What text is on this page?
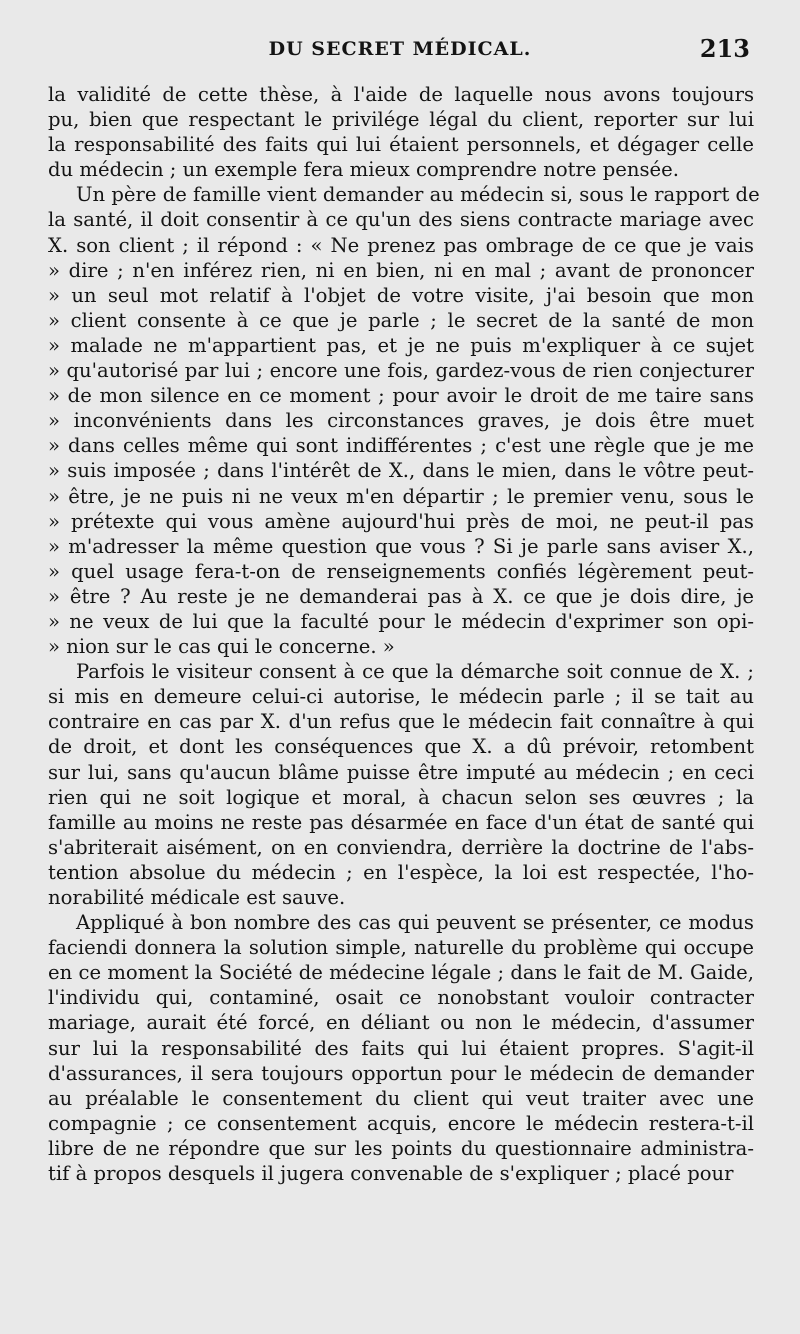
DU SECRET MÉDICAL.	213
la validité de cette thèse, à l'aide de laquelle nous avons toujours
pu, bien que respectant le privilége légal du client, reporter sur lui
la responsabilité des faits qui lui étaient personnels, et dégager celle
du médecin ; un exemple fera mieux comprendre notre pensée.
Un père de famille vient demander au médecin si, sous le rapport de
la santé, il doit consentir à ce qu'un des siens contracte mariage avec
X. son client ; il répond : « Ne prenez pas ombrage de ce que je vais
» dire ; n'en inférez rien, ni en bien, ni en mal ; avant de prononcer
» un seul mot relatif à l'objet de votre visite, j'ai besoin que mon
» client consente à ce que je parle ; le secret de la santé de mon
» malade ne m'appartient pas, et je ne puis m'expliquer à ce sujet
» qu'autorisé par lui ; encore une fois, gardez-vous de rien conjecturer
» de mon silence en ce moment ; pour avoir le droit de me taire sans
» inconvénients dans les circonstances graves, je dois être muet
» dans celles même qui sont indifférentes ; c'est une règle que je me
» suis imposée ; dans l'intérêt de X., dans le mien, dans le vôtre peut-
» être, je ne puis ni ne veux m'en départir ; le premier venu, sous le
» prétexte qui vous amène aujourd'hui près de moi, ne peut-il pas
» m'adresser la même question que vous ? Si je parle sans aviser X.,
» quel usage fera-t-on de renseignements confiés légèrement peut-
» être ? Au reste je ne demanderai pas à X. ce que je dois dire, je
» ne veux de lui que la faculté pour le médecin d'exprimer son opi-
» nion sur le cas qui le concerne. »
Parfois le visiteur consent à ce que la démarche soit connue de X. ;
si mis en demeure celui-ci autorise, le médecin parle ; il se tait au
contraire en cas par X. d'un refus que le médecin fait connaître à qui
de droit, et dont les conséquences que X. a dû prévoir, retombent
sur lui, sans qu'aucun blâme puisse être imputé au médecin ; en ceci
rien qui ne soit logique et moral, à chacun selon ses œuvres ; la
famille au moins ne reste pas désarmée en face d'un état de santé qui
s'abriterait aisément, on en conviendra, derrière la doctrine de l'abs-
tention absolue du médecin ; en l'espèce, la loi est respectée, l'ho-
norabilité médicale est sauve.
Appliqué à bon nombre des cas qui peuvent se présenter, ce modus
faciendi donnera la solution simple, naturelle du problème qui occupe
en ce moment la Société de médecine légale ; dans le fait de M. Gaide,
l'individu qui, contaminé, osait ce nonobstant vouloir contracter
mariage, aurait été forcé, en déliant ou non le médecin, d'assumer
sur lui la responsabilité des faits qui lui étaient propres. S'agit-il
d'assurances, il sera toujours opportun pour le médecin de demander
au préalable le consentement du client qui veut traiter avec une
compagnie ; ce consentement acquis, encore le médecin restera-t-il
libre de ne répondre que sur les points du questionnaire administra-
tif à propos desquels il jugera convenable de s'expliquer ; placé pour
